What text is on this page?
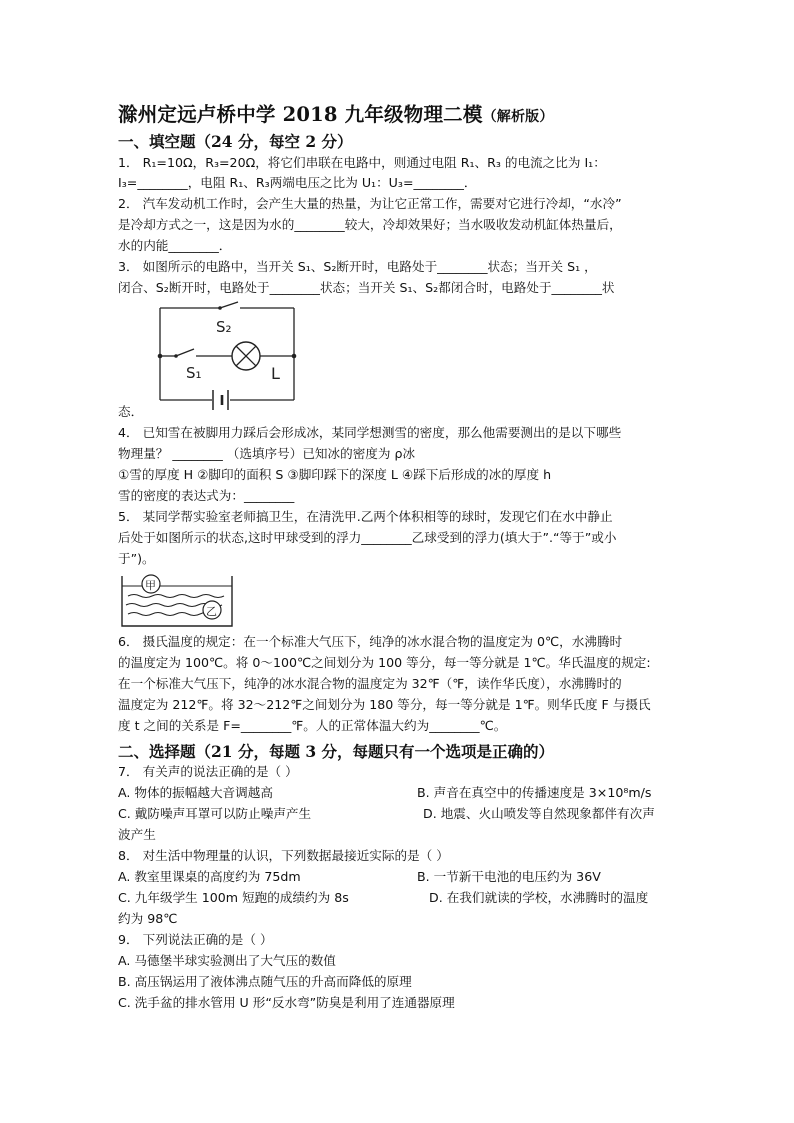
滁州定远卢桥中学 2018 九年级物理二模（解析版）
一、填空题（24 分，每空 2 分）
1． R₁=10Ω，R₃=20Ω，将它们串联在电路中，则通过电阻 R₁、R₃ 的电流之比为 I₁：
I₃=________，电阻 R₁、R₃两端电压之比为 U₁：U₃=________．
2． 汽车发动机工作时，会产生大量的热量，为让它正常工作，需要对它进行冷却，“水冷”
是冷却方式之一，这是因为水的________较大，冷却效果好；当水吸收发动机缸体热量后，
水的内能________．
3． 如图所示的电路中，当开关 S₁、S₂断开时，电路处于________状态；当开关 S₁ ，
闭合、S₂断开时，电路处于________状态；当开关 S₁、S₂都闭合时，电路处于________状
S₂
S₁	L
态．
4． 已知雪在被脚用力踩后会形成冰，某同学想测雪的密度，那么他需要测出的是以下哪些
物理量？ ________ （选填序号）已知冰的密度为 ρ冰
①雪的厚度 H ②脚印的面积 S ③脚印踩下的深度 L ④踩下后形成的冰的厚度 h
雪的密度的表达式为：________
5． 某同学帮实验室老师搞卫生，在清洗甲.乙两个体积相等的球时，发现它们在水中静止
后处于如图所示的状态,这时甲球受到的浮力________乙球受到的浮力(填大于”.“等于”或小
于”)。
甲
乙
6． 摄氏温度的规定：在一个标准大气压下，纯净的冰水混合物的温度定为 0℃，水沸腾时
的温度定为 100℃。将 0～100℃之间划分为 100 等分，每一等分就是 1℃。华氏温度的规定:
在一个标准大气压下，纯净的冰水混合物的温度定为 32℉（℉，读作华氏度），水沸腾时的
温度定为 212℉。将 32～212℉之间划分为 180 等分，每一等分就是 1℉。则华氏度 F 与摄氏
度 t 之间的关系是 F=________℉。人的正常体温大约为________℃。
二、选择题（21 分，每题 3 分，每题只有一个选项是正确的）
7． 有关声的说法正确的是（ ）
A. 物体的振幅越大音调越高	B. 声音在真空中的传播速度是 3×10⁸m/s
C. 戴防噪声耳罩可以防止噪声产生	D. 地震、火山喷发等自然现象都伴有次声
波产生
8． 对生活中物理量的认识，下列数据最接近实际的是（ ）
A. 教室里课桌的高度约为 75dm	B. 一节新干电池的电压约为 36V
C. 九年级学生 100m 短跑的成绩约为 8s	D. 在我们就读的学校，水沸腾时的温度
约为 98℃
9． 下列说法正确的是（ ）
A. 马德堡半球实验测出了大气压的数值
B. 高压锅运用了液体沸点随气压的升高而降低的原理
C. 洗手盆的排水管用 U 形“反水弯”防臭是利用了连通器原理
